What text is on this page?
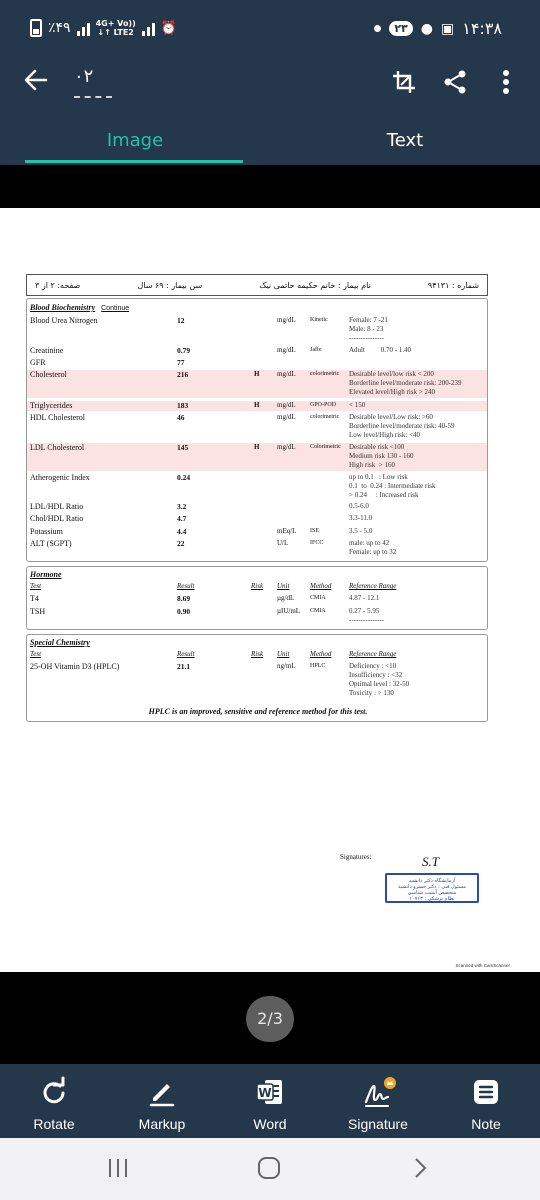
٪۴۹	4G+ Vo))
↓↑ LTE2 ⏰	۲۳ ● ▣ ۱۴:۳۸
۰۲
Image	Text
شماره : ۹۴۱۳۱
نام بیمار : خانم حکیمه حاتمی نیک
سن بیمار : ۶۹ سال
صفحه: ۲ از ۳
Blood Biochemistry Continue
Blood Urea Nitrogen	12	mg/dL Kinetic	Female: 7 -21
Male: 8 - 23
---------------
Creatinine	0.79	mg/dL Jaffe	Adult         0.70 - 1.40
GFR	77
Cholesterol	216	H	mg/dL colorimetric Desirable level/low risk < 200
Borderline level/moderate risk: 200-239
Elevated level/High risk > 240
Triglycerides	183	H	mg/dL GPO-POD < 150
HDL Cholesterol	46	mg/dL colorimetric Desirable level/Low risk: >60
Borderline level/moderate risk: 40-59
Low level/High risk: <40
LDL Cholesterol	145	H	mg/dL Colorimetric Desirable risk <100
Medium risk 130 - 160
High risk  > 160
Atherogenic Index	0.24	up to 0.1   : Low risk
0.1  to  0.24 : Intermediate risk
> 0.24     : Increased risk
LDL/HDL Ratio	3.2	0.5-6.0
Chol/HDL Ratio	4.7	3.3-11.0
Potassium	4.4	mEq/L ISE	3.5 - 5.0
ALT (SGPT)	22	U/L	IFCC	male: up to 42
Female: up to 32
Hormone
Test	Result	Risk Unit	Method	Reference Range
T4	8.69	µg/dL	CMIA	4.87 - 12.1
TSH	0.90	µIU/mL CMIA	0.27 - 5.95
---------------
Special Chemistry
Test	Result	Risk Unit	Method	Reference Range
25-OH Vitamin D3 (HPLC)	21.1	ng/mL HPLC	Deficiency : <10
Insufficiency : <32
Optimal level : 32-50
Toxicity : > 130
HPLC is an improved, sensitive and reference method for this test.
Signatures:	S.T
آزمایشگاه دکتر دانشید
مسئول فنی : دکتر خسرو دانشید
متخصص آسیب شناسی
نظام پزشکی : ۱۰۷۱۳
Scanned with CamScanner
2/3
Rotate	Markup
W
Word	Signature	Note
